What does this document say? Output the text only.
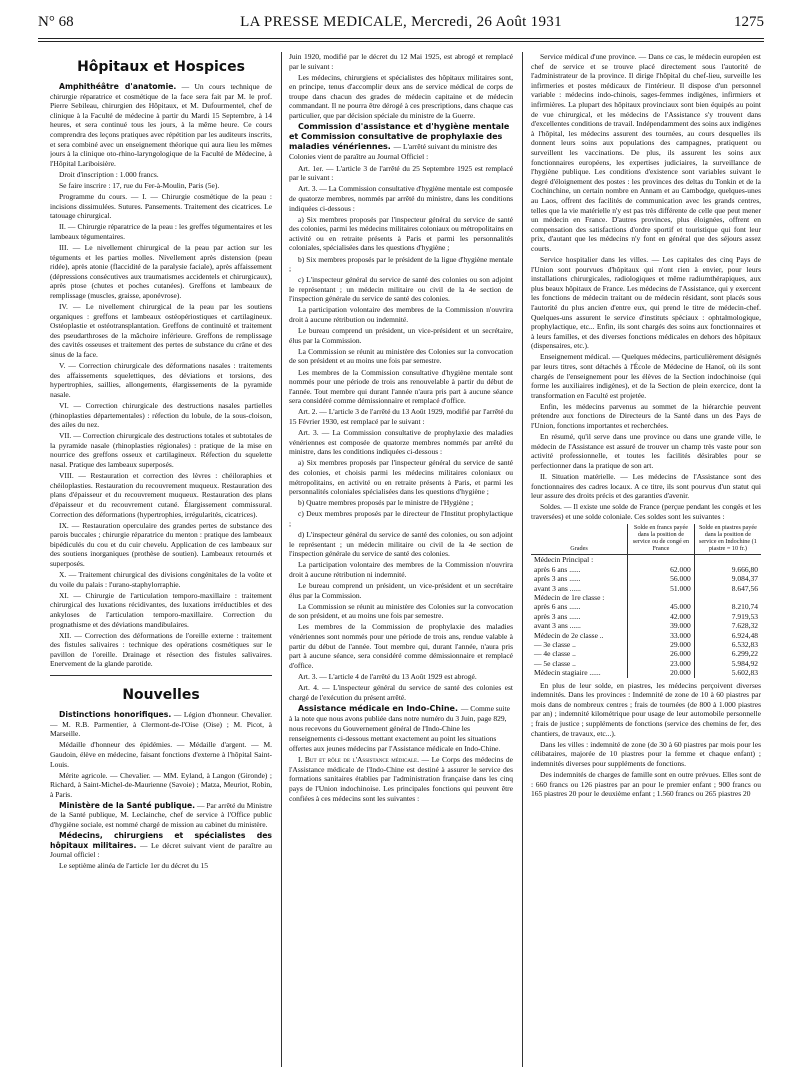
N° 68	LA PRESSE MEDICALE, Mercredi, 26 Août 1931	1275
Hôpitaux et Hospices

Amphithéâtre d'anatomie. — Un cours technique de chirurgie réparatrice et cosmétique de la face sera fait par M. le prof. Pierre Sebileau, chirurgien des Hôpitaux, et M. Dufourmentel, chef de clinique à la Faculté de médecine à partir du Mardi 15 Septembre, à 14 heures, et sera continué tous les jours, à la même heure. Ce cours comprendra des leçons pratiques avec répétition par les auditeurs inscrits, et sera combiné avec un enseignement théorique qui aura lieu les mêmes jours à la clinique oto-rhino-laryngologique de la Faculté de Médecine, à l'Hôpital Lariboisière.

Droit d'inscription : 1.000 francs.

Se faire inscrire : 17, rue du Fer-à-Moulin, Paris (5e).

Programme du cours. — I. — Chirurgie cosmétique de la peau : incisions dissimulées. Sutures. Pansements. Traitement des cicatrices. Le tatouage chirurgical.

II. — Chirurgie réparatrice de la peau : les greffes tégumentaires et les lambeaux tégumentaires.

III. — Le nivellement chirurgical de la peau par action sur les téguments et les parties molles. Nivellement après distension (peau ridée), après atonie (flaccidité de la paralysie faciale), après affaissement (dépressions consécutives aux traumatismes accidentels et chirurgicaux), après ptose (chutes et poches cutanées). Greffons et lambeaux de remplissage (muscles, graisse, aponévrose).

IV. — Le nivellement chirurgical de la peau par les soutiens organiques : greffons et lambeaux ostéopériostiques et cartilagineux. Ostéoplastie et ostéotransplantation. Greffons de continuité et traitement des pseudarthroses de la mâchoire inférieure. Greffons de remplissage des cavités osseuses et traitement des pertes de substance du crâne et des sinus de la face.

V. — Correction chirurgicale des déformations nasales : traitements des affaissements squelettiques, des déviations et torsions, des hypertrophies, saillies, allongements, élargissements de la pyramide nasale.

VI. — Correction chirurgicale des destructions nasales partielles (rhinoplasties départementales) : réfection du lobule, de la sous-cloison, des ailes du nez.

VII. — Correction chirurgicale des destructions totales et subtotales de la pyramide nasale (rhinoplasties régionales) : pratique de la mise en nourrice des greffons osseux et cartilagineux. Réfection du squelette nasal. Pratique des lambeaux superposés.

VIII. — Restauration et correction des lèvres : chéiloraphies et chéiloplasties. Restauration du recouvrement muqueux. Restauration des plans d'épaisseur et du recouvrement muqueux. Restauration des plans d'épaisseur et du recouvrement cutané. Élargissement commissural. Correction des déformations (hypertrophies, irrégularités, cicatrices).

IX. — Restauration operculaire des grandes pertes de substance des parois buccales ; chirurgie réparatrice du menton : pratique des lambeaux bipédiculés du cou et du cuir chevelu. Application de ces lambeaux sur des soutiens inorganiques (prothèse de soutien). Lambeaux retournés et superposés.

X. — Traitement chirurgical des divisions congénitales de la voûte et du voile du palais : l'urano-staphylorraphie.

XI. — Chirurgie de l'articulation temporo-maxillaire : traitement chirurgical des luxations récidivantes, des luxations irréductibles et des ankyloses de l'articulation temporo-maxillaire. Correction du prognathisme et des déviations mandibulaires.

XII. — Correction des déformations de l'oreille externe : traitement des fistules salivaires : technique des opérations cosmétiques sur le pavillon de l'oreille. Drainage et résection des fistules salivaires. Enervement de la glande parotide.

Nouvelles

Distinctions honorifiques. — Légion d'honneur. Chevalier. — M. R.B. Parmentier, à Clermont-de-l'Oise (Oise) ; M. Picot, à Marseille.

Médaille d'honneur des épidémies. — Médaille d'argent. — M. Gaudoin, élève en médecine, faisant fonctions d'externe à l'hôpital Saint-Louis.

Mérite agricole. — Chevalier. — MM. Eyland, à Langon (Gironde) ; Richard, à Saint-Michel-de-Maurienne (Savoie) ; Matza, Meuriot, Robin, à Paris.

Ministère de la Santé publique. — Par arrêté du Ministre de la Santé publique, M. Leclainche, chef de service à l'Office public d'hygiène sociale, est nommé chargé de mission au cabinet du ministère.

Médecins, chirurgiens et spécialistes des hôpitaux militaires. — Le décret suivant vient de paraître au Journal officiel :

Le septième alinéa de l'article 1er du décret du 15

Juin 1920, modifié par le décret du 12 Mai 1925, est abrogé et remplacé par le suivant :

Les médecins, chirurgiens et spécialistes des hôpitaux militaires sont, en principe, tenus d'accomplir deux ans de service médical de corps de troupe dans chacun des grades de médecin capitaine et de médecin commandant. Il ne pourra être dérogé à ces prescriptions, dans chaque cas particulier, que par décision spéciale du ministre de la Guerre.

Commission d'assistance et d'hygiène mentale et Commission consultative de prophylaxie des maladies vénériennes. — L'arrêté suivant du ministre des Colonies vient de paraître au Journal Officiel :

Art. 1er. — L'article 3 de l'arrêté du 25 Septembre 1925 est remplacé par le suivant :

Art. 3. — La Commission consultative d'hygiène mentale est composée de quatorze membres, nommés par arrêté du ministre, dans les conditions indiquées ci-dessous :

a) Six membres proposés par l'inspecteur général du service de santé des colonies, parmi les médecins militaires coloniaux ou métropolitains en activité ou en retraite présents à Paris et parmi les personnalités coloniales, spécialisées dans les questions d'hygiène ;

b) Six membres proposés par le président de la ligue d'hygiène mentale ;

c) L'inspecteur général du service de santé des colonies ou son adjoint le représentant ; un médecin militaire ou civil de la 4e section de l'inspection générale du service de santé des colonies.

La participation volontaire des membres de la Commission n'ouvrira droit à aucune rétribution ou indemnité.

Le bureau comprend un président, un vice-président et un secrétaire, élus par la Commission.

La Commission se réunit au ministère des Colonies sur la convocation de son président et au moins une fois par semestre.

Les membres de la Commission consultative d'hygiène mentale sont nommés pour une période de trois ans renouvelable à partir du début de l'année. Tout membre qui durant l'année n'aura pris part à aucune séance sera considéré comme démissionnaire et remplacé d'office.

Art. 2. — L'article 3 de l'arrêté du 13 Août 1929, modifié par l'arrêté du 15 Février 1930, est remplacé par le suivant :

Art. 3. — La Commission consultative de prophylaxie des maladies vénériennes est composée de quatorze membres nommés par arrêté du ministre, dans les conditions indiquées ci-dessous :

a) Six membres proposés par l'inspecteur général du service de santé des colonies, et choisis parmi les médecins militaires coloniaux ou métropolitains, en activité ou en retraite présents à Paris, et parmi les personnalités coloniales spécialisées dans les questions d'hygiène ;

b) Quatre membres proposés par le ministre de l'Hygiène ;

c) Deux membres proposés par le directeur de l'Institut prophylactique ;

d) L'inspecteur général du service de santé des colonies, ou son adjoint le représentant ; un médecin militaire ou civil de la 4e section de l'inspection générale du service de santé des colonies.

La participation volontaire des membres de la Commission n'ouvrira droit à aucune rétribution ni indemnité.

Le bureau comprend un président, un vice-président et un secrétaire élus par la Commission.

La Commission se réunit au ministère des Colonies sur la convocation de son président, et au moins une fois par semestre.

Les membres de la Commission de prophylaxie des maladies vénériennes sont nommés pour une période de trois ans, rendue valable à partir du début de l'année. Tout membre qui, durant l'année, n'aura pris part à aucune séance, sera considéré comme démissionnaire et remplacé d'office.

Art. 3. — L'article 4 de l'arrêté du 13 Août 1929 est abrogé.

Art. 4. — L'inspecteur général du service de santé des colonies est chargé de l'exécution du présent arrêté.

Assistance médicale en Indo-Chine. — Comme suite à la note que nous avons publiée dans notre numéro du 3 Juin, page 829, nous recevons du Gouvernement général de l'Indo-Chine les renseignements ci-dessous mettant exactement au point les situations offertes aux jeunes médecins par l'Assistance médicale en Indo-Chine.

I. But et rôle de l'Assistance médicale. — Le Corps des médecins de l'Assistance médicale de l'Indo-Chine est destiné à assurer le service des formations sanitaires établies par l'administration française dans les cinq pays de l'Union indochinoise. Les principales fonctions qui peuvent être confiées à ces médecins sont les suivantes :

Service médical d'une province. — Dans ce cas, le médecin européen est chef de service et se trouve placé directement sous l'autorité de l'administrateur de la province. Il dirige l'hôpital du chef-lieu, surveille les infirmeries et postes médicaux de l'intérieur. Il dispose d'un personnel variable : médecins indo-chinois, sages-femmes indigènes, infirmiers et infirmières. La plupart des hôpitaux provinciaux sont bien équipés au point de vue chirurgical, et les médecins de l'Assistance s'y trouvent dans d'excellentes conditions de travail. Indépendamment des soins aux indigènes à l'hôpital, les médecins assurent des tournées, au cours desquelles ils donnent leurs soins aux populations des campagnes, pratiquent ou surveillent les vaccinations. De plus, ils assurent les soins aux fonctionnaires européens, les expertises judiciaires, la surveillance de l'hygiène publique. Les conditions d'existence sont variables suivant le degré d'éloignement des postes : les provinces des deltas du Tonkin et de la Cochinchine, un certain nombre en Annam et au Cambodge, quelques-unes au Laos, offrent des facilités de communication avec les grands centres, telles que la vie matérielle n'y est pas très différente de celle que peut mener un médecin en France. D'autres provinces, plus éloignées, offrent en compensation des satisfactions d'ordre sportif et touristique qui font leur prix, d'autant que les médecins n'y font en général que des séjours assez courts.

Service hospitalier dans les villes. — Les capitales des cinq Pays de l'Union sont pourvues d'hôpitaux qui n'ont rien à envier, pour leurs installations chirurgicales, radiologiques et même radiumthérapiques, aux plus beaux hôpitaux de France. Les médecins de l'Assistance, qui y exercent les fonctions de médecin traitant ou de médecin résidant, sont placés sous l'autorité du plus ancien d'entre eux, qui prend le titre de médecin-chef. Quelques-uns assurent le service d'instituts spéciaux : ophtalmologique, prophylactique, etc... Enfin, ils sont chargés des soins aux fonctionnaires et à leurs familles, et des diverses fonctions médicales en dehors des hôpitaux (dispensaires, etc.).

Enseignement médical. — Quelques médecins, particulièrement désignés par leurs titres, sont détachés à l'École de Médecine de Hanoï, où ils sont chargés de l'enseignement pour les élèves de la Section indochinoise (qui forme les auxiliaires indigènes), et de la Section de plein exercice, dont la transformation en Faculté est projetée.

Enfin, les médecins parvenus au sommet de la hiérarchie peuvent prétendre aux fonctions de Directeurs de la Santé dans un des Pays de l'Union, fonctions importantes et recherchées.

En résumé, qu'il serve dans une province ou dans une grande ville, le médecin de l'Assistance est assuré de trouver un champ très vaste pour son activité professionnelle, et toutes les facilités désirables pour se perfectionner dans la pratique de son art.

II. Situation matérielle. — Les médecins de l'Assistance sont des fonctionnaires des cadres locaux. A ce titre, ils sont pourvus d'un statut qui leur assure des droits précis et des garanties d'avenir.

Soldes. — Il existe une solde de France (perçue pendant les congés et les traversées) et une solde coloniale. Ces soldes sont les suivantes :

Grades	Solde en francs payée dans la position de service ou de congé en France	Solde en piastres payée dans la position de service en Indochine (1 piastre = 10 fr.)
Médecin Principal :		
après 6 ans ......	62.000	9.666,80
après 3 ans ......	56.000	9.084,37
avant 3 ans ......	51.000	8.647,56
Médecin de 1re classe :		
après 6 ans ......	45.000	8.210,74
après 3 ans ......	42.000	7.919,53
avant 3 ans ......	39.000	7.628,32
Médecin de 2e classe ..	33.000	6.924,48
— 3e classe ..	29.000	6.532,83
— 4e classe ..	26.000	6.299,22
— 5e classe ..	23.000	5.984,92
Médecin stagiaire ......	20.000	5.602,83

En plus de leur solde, en piastres, les médecins perçoivent diverses indemnités. Dans les provinces : Indemnité de zone de 10 à 60 piastres par mois dans de nombreux centres ; frais de tournées (de 800 à 1.000 piastres par an) ; indemnité kilométrique pour usage de leur automobile personnelle ; frais de justice ; suppléments de fonctions (service des chemins de fer, des chantiers, de travaux, etc...).

Dans les villes : indemnité de zone (de 30 à 60 piastres par mois pour les célibataires, majorée de 10 piastres pour la femme et chaque enfant) ; indemnités diverses pour suppléments de fonctions.

Des indemnités de charges de famille sont en outre prévues. Elles sont de : 660 francs ou 126 piastres par an pour le premier enfant ; 900 francs ou 165 piastres 20 pour le deuxième enfant ; 1.560 francs ou 265 piastres 20
